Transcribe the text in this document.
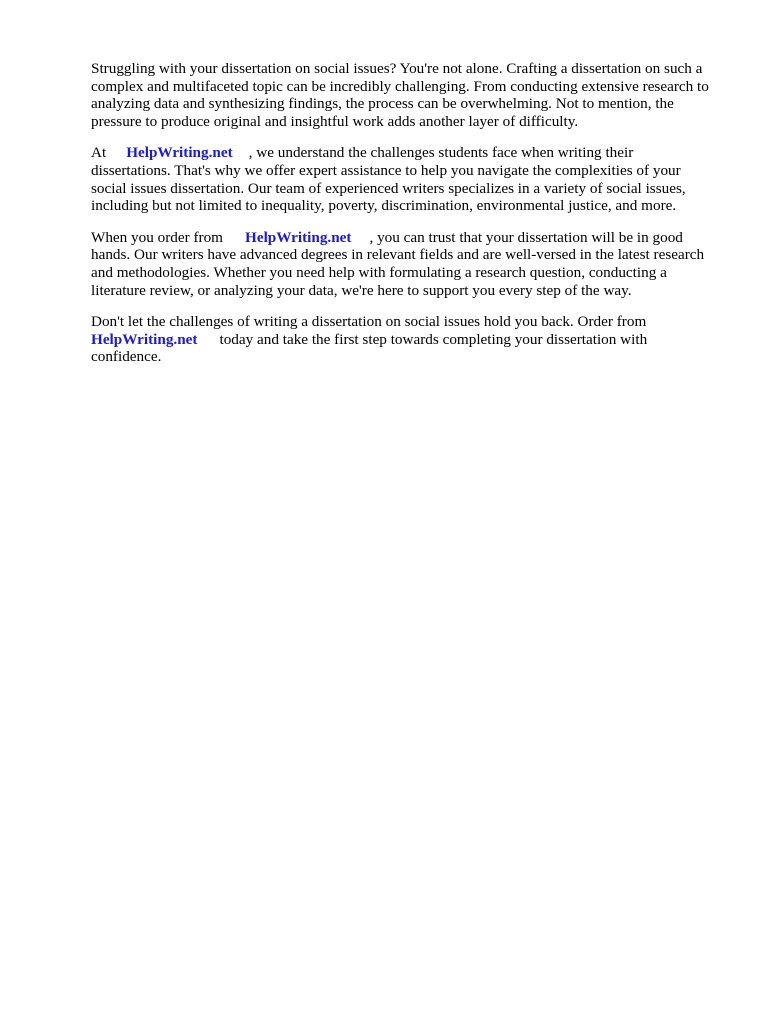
Struggling with your dissertation on social issues? You're not alone. Crafting a dissertation on such a
complex and multifaceted topic can be incredibly challenging. From conducting extensive research to
analyzing data and synthesizing findings, the process can be overwhelming. Not to mention, the
pressure to produce original and insightful work adds another layer of difficulty.

At HelpWriting.net , we understand the challenges students face when writing their
dissertations. That's why we offer expert assistance to help you navigate the complexities of your
social issues dissertation. Our team of experienced writers specializes in a variety of social issues,
including but not limited to inequality, poverty, discrimination, environmental justice, and more.

When you order from HelpWriting.net , you can trust that your dissertation will be in good
hands. Our writers have advanced degrees in relevant fields and are well-versed in the latest research
and methodologies. Whether you need help with formulating a research question, conducting a
literature review, or analyzing your data, we're here to support you every step of the way.

Don't let the challenges of writing a dissertation on social issues hold you back. Order from
HelpWriting.net today and take the first step towards completing your dissertation with
confidence.
